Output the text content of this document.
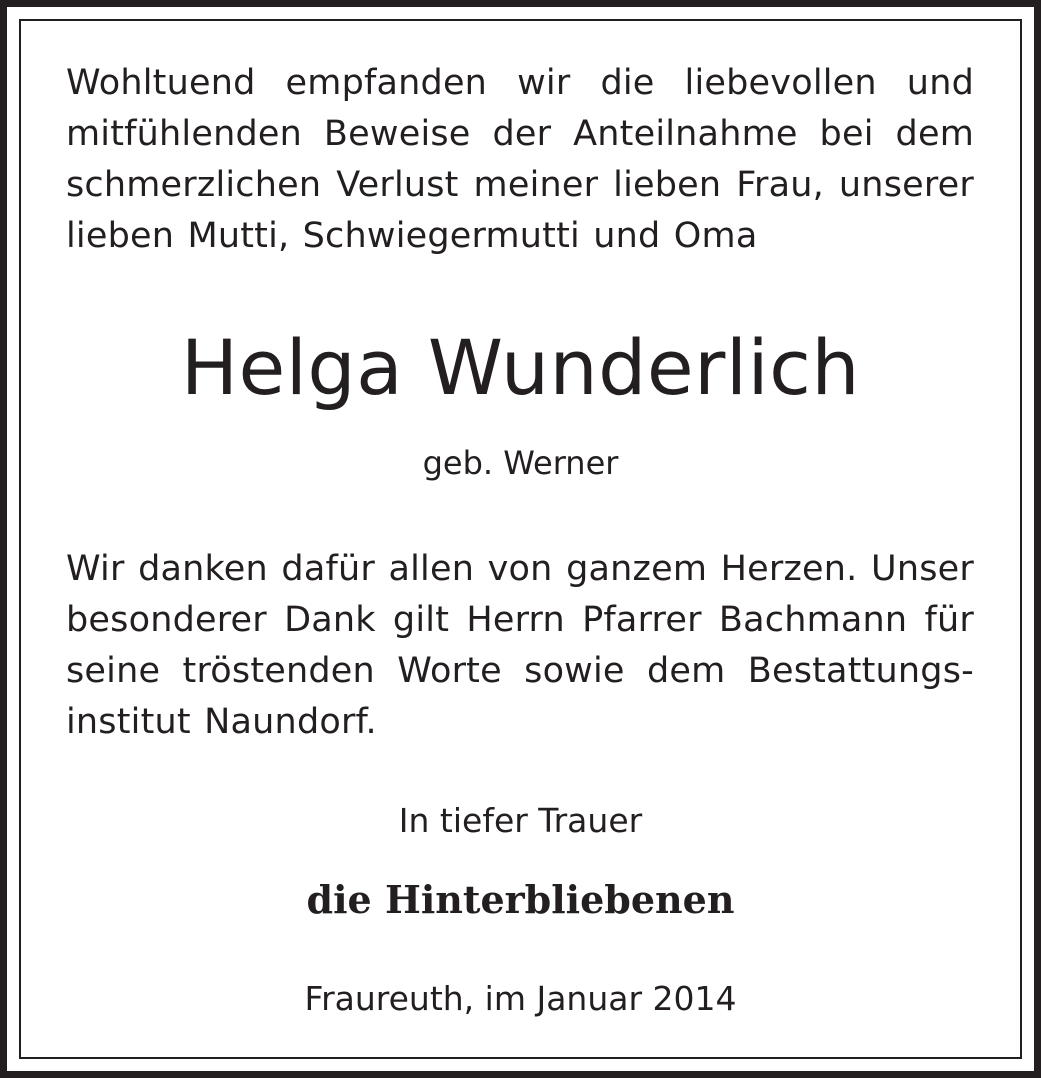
Wohltuend empfanden wir die liebevollen und mitfühlenden Beweise der Anteilnahme bei dem schmerzlichen Verlust meiner lieben Frau, unserer lieben Mutti, Schwiegermutti und Oma

Helga Wunderlich
geb. Werner

Wir danken dafür allen von ganzem Herzen. Unser besonderer Dank gilt Herrn Pfarrer Bachmann für seine tröstenden Worte sowie dem Bestattungs-institut Naundorf.

In tiefer Trauer
die Hinterbliebenen
Fraureuth, im Januar 2014
